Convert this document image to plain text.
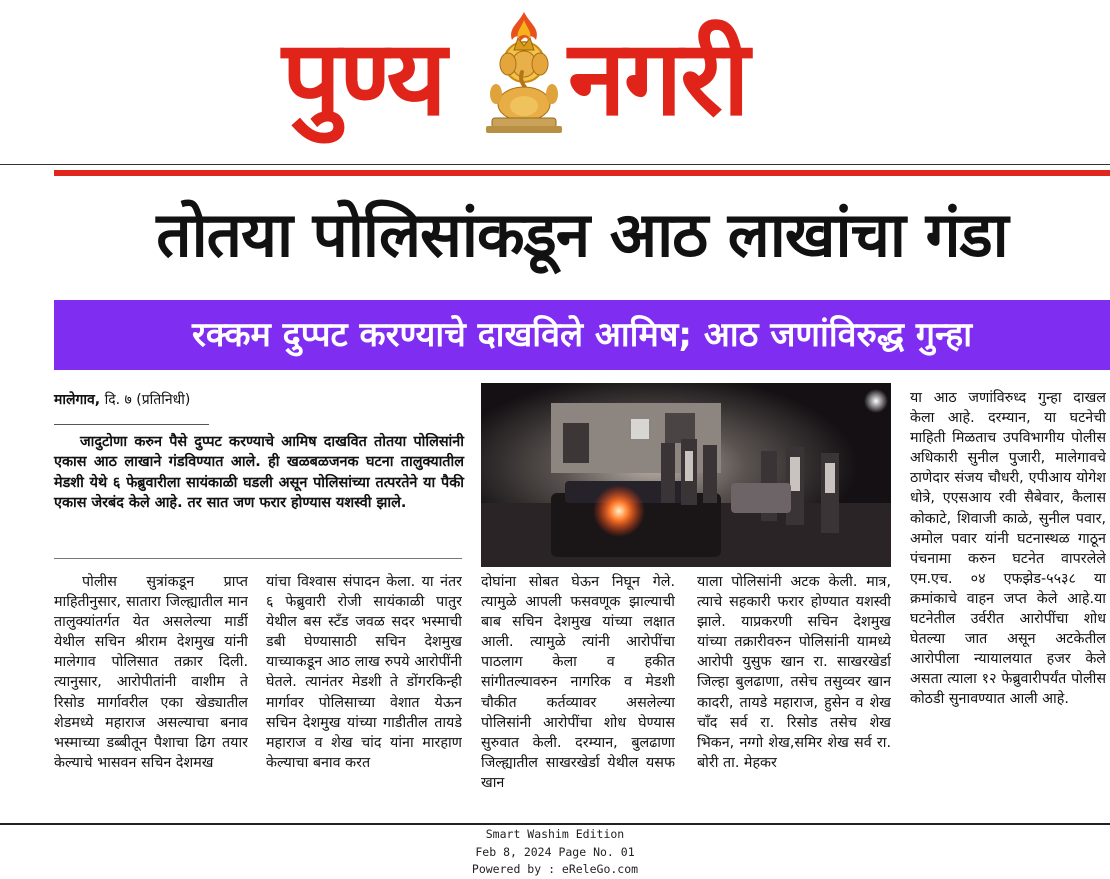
पुण्य नगरी
तोतया पोलिसांकडून आठ लाखांचा गंडा
रक्कम दुप्पट करण्याचे दाखविले आमिष; आठ जणांविरुद्ध गुन्हा
मालेगाव, दि. ७ (प्रतिनिधी)

जादुटोणा करुन पैसे दुप्पट करण्याचे आमिष दाखवित तोतया पोलिसांनी एकास आठ लाखाने गंडविण्यात आले. ही खळबळजनक घटना तालुक्यातील मेडशी येथे ६ फेब्रुवारीला सायंकाळी घडली असून पोलिसांच्या तत्परतेने या पैकी एकास जेरबंद केले आहे. तर सात जण फरार होण्यास यशस्वी झाले.

पोलीस सुत्रांकडून प्राप्त माहितीनुसार, सातारा जिल्ह्यातील मान तालुक्यांतर्गत येत असलेल्या मार्डी येथील सचिन श्रीराम देशमुख यांनी मालेगाव पोलिसात तक्रार दिली. त्यानुसार, आरोपीतांनी वाशीम ते रिसोड मार्गावरील एका खेड्यातील शेडमध्ये महाराज असल्याचा बनाव भस्माच्या डब्बीतून पैशाचा ढिग तयार केल्याचे भासवन सचिन देशमख
यांचा विश्वास संपादन केला. या नंतर ६ फेब्रुवारी रोजी सायंकाळी पातुर येथील बस स्टँड जवळ सदर भस्माची डबी घेण्यासाठी सचिन देशमुख याच्याकडून आठ लाख रुपये आरोपींनी घेतले. त्यानंतर मेडशी ते डोंगरकिन्ही मार्गावर पोलिसाच्या वेशात येऊन सचिन देशमुख यांच्या गाडीतील तायडे महाराज व शेख चांद यांना मारहाण केल्याचा बनाव करत
दोघांना सोबत घेऊन निघून गेले. त्यामुळे आपली फसवणूक झाल्याची बाब सचिन देशमुख यांच्या लक्षात आली. त्यामुळे त्यांनी आरोपींचा पाठलाग केला व हकीत सांगीतल्यावरुन नागरिक व मेडशी चौकीत कर्तव्यावर असलेल्या पोलिसांनी आरोपींचा शोध घेण्यास सुरुवात केली. दरम्यान, बुलढाणा जिल्ह्यातील साखरखेर्डा येथील यसफ खान
याला पोलिसांनी अटक केली. मात्र, त्याचे सहकारी फरार होण्यात यशस्वी झाले. याप्रकरणी सचिन देशमुख यांच्या तक्रारीवरुन पोलिसांनी यामध्ये आरोपी युसुफ खान रा. साखरखेर्डा जिल्हा बुलढाणा, तसेच तसुव्वर खान कादरी, तायडे महाराज, हुसेन व शेख चाँद सर्व रा. रिसोड तसेच शेख भिकन, नग्गो शेख,समिर शेख सर्व रा. बोरी ता. मेहकर
या आठ जणांविरुध्द गुन्हा दाखल केला आहे. दरम्यान, या घटनेची माहिती मिळताच उपविभागीय पोलीस अधिकारी सुनील पुजारी, मालेगावचे ठाणेदार संजय चौधरी, एपीआय योगेश धोत्रे, एएसआय रवी सैबेवार, कैलास कोकाटे, शिवाजी काळे, सुनील पवार, अमोल पवार यांनी घटनास्थळ गाठून पंचनामा करुन घटनेत वापरलेले एम.एच. ०४ एफझेड-५५३८ या क्रमांकाचे वाहन जप्त केले आहे.या घटनेतील उर्वरीत आरोपींचा शोध घेतल्या जात असून अटकेतील आरोपीला न्यायालयात हजर केले असता त्याला १२ फेब्रुवारीपर्यंत पोलीस कोठडी सुनावण्यात आली आहे.
Smart Washim Edition
Feb 8, 2024 Page No. 01
Powered by : eReleGo.com
